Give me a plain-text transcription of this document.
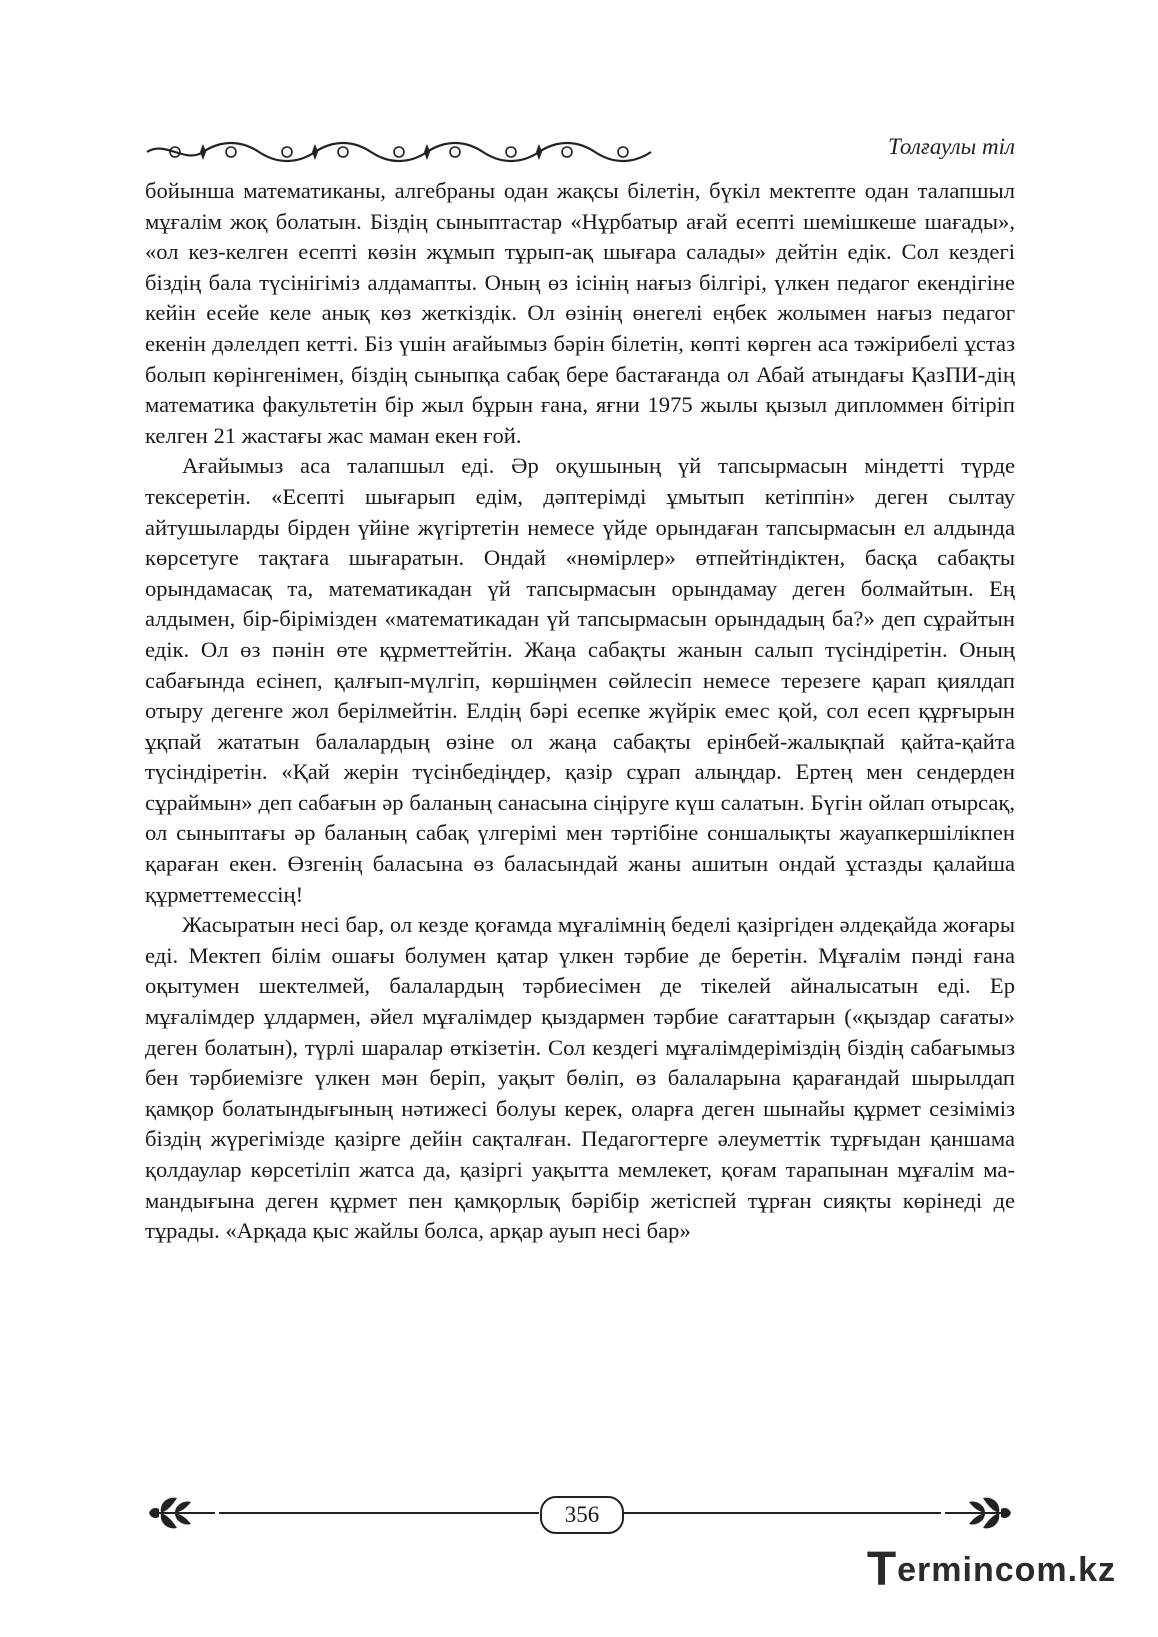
Толғаулы тіл

бойынша математиканы, алгебраны одан жақсы білетін, бүкіл мектепте одан талапшыл мұғалім жоқ болатын. Біздің сыныптастар «Нұрбатыр ағай есепті шемішкеше шағады», «ол кез-келген есепті көзін жұмып тұрып-ақ шығара салады» дейтін едік. Сол кездегі біздің бала түсінігіміз алдамапты. Оның өз ісінің нағыз білгірі, үлкен педагог екендігіне кейін есейе келе анық көз жеткіздік. Ол өзінің өнегелі еңбек жолымен нағыз педагог екенін дәлелдеп кетті. Біз үшін ағайымыз бәрін білетін, көпті көрген аса тәжірибелі ұстаз болып көрінгенімен, біздің сыныпқа сабақ бере бастағанда ол Абай атындағы ҚазПИ-дің математика факультетін бір жыл бұрын ғана, яғни 1975 жылы қызыл дипломмен бітіріп келген 21 жастағы жас маман екен ғой.

Ағайымыз аса талапшыл еді. Әр оқушының үй тапсырмасын міндетті түрде тексеретін. «Есепті шығарып едім, дәптерімді ұмытып кетіппін» деген сылтау айтушыларды бірден үйіне жүгіртетін немесе үйде орындаған тапсырмасын ел алдында көрсетуге тақтаға шығаратын. Ондай «нөмірлер» өтпейтіндіктен, басқа сабақты орындамасақ та, математикадан үй тапсырмасын орындамау деген болмайтын. Ең алдымен, бір-бірімізден «математикадан үй тапсырмасын орындадың ба?» деп сұрайтын едік. Ол өз пәнін өте құрметтейтін. Жаңа сабақты жанын салып түсіндіретін. Оның сабағында есінеп, қалғып-мүлгіп, көршіңмен сөйлесіп немесе терезеге қарап қиялдап отыру дегенге жол берілмейтін. Елдің бәрі есепке жүйрік емес қой, сол есеп құрғырын ұқпай жататын балалардың өзіне ол жаңа сабақты ерінбей-жалықпай қайта-қайта түсіндіретін. «Қай жерін түсінбедіңдер, қазір сұрап алыңдар. Ертең мен сендерден сұраймын» деп сабағын әр баланың санасына сіңіруге күш салатын. Бүгін ойлап отырсақ, ол сыныптағы әр баланың сабақ үлгерімі мен тәртібіне соншалықты жауапкершілікпен қараған екен. Өзгенің баласына өз баласындай жаны ашитын ондай ұстазды қалайша құрметтемессің!

Жасыратын несі бар, ол кезде қоғамда мұғалімнің беделі қазіргіден әлдеқайда жоғары еді. Мектеп білім ошағы болумен қатар үлкен тәрбие де беретін. Мұғалім пәнді ғана оқытумен шектелмей, балалардың тәрбиесімен де тікелей айналысатын еді. Ер мұғалімдер ұлдармен, әйел мұғалімдер қыздармен тәрбие сағаттарын («қыздар сағаты» деген болатын), түрлі шаралар өткізетін. Сол кездегі мұғалімдеріміздің біздің сабағымыз бен тәрбиемізге үлкен мән беріп, уақыт бөліп, өз балаларына қарағандай шырылдап қамқор болатындығының нәтижесі болуы керек, оларға деген шынайы құрмет сезіміміз біздің жүрегімізде қазірге дейін сақталған. Педагогтерге әлеуметтік тұрғыдан қаншама қолдаулар көрсетіліп жатса да, қазіргі уақытта мемлекет, қоғам тарапынан мұғалім мамандығына деген құрмет пен қамқорлық бәрібір жетіспей тұрған сияқты көрінеді де тұрады. «Арқада қыс жайлы болса, арқар ауып несі бар»

356
Termincom.kz
